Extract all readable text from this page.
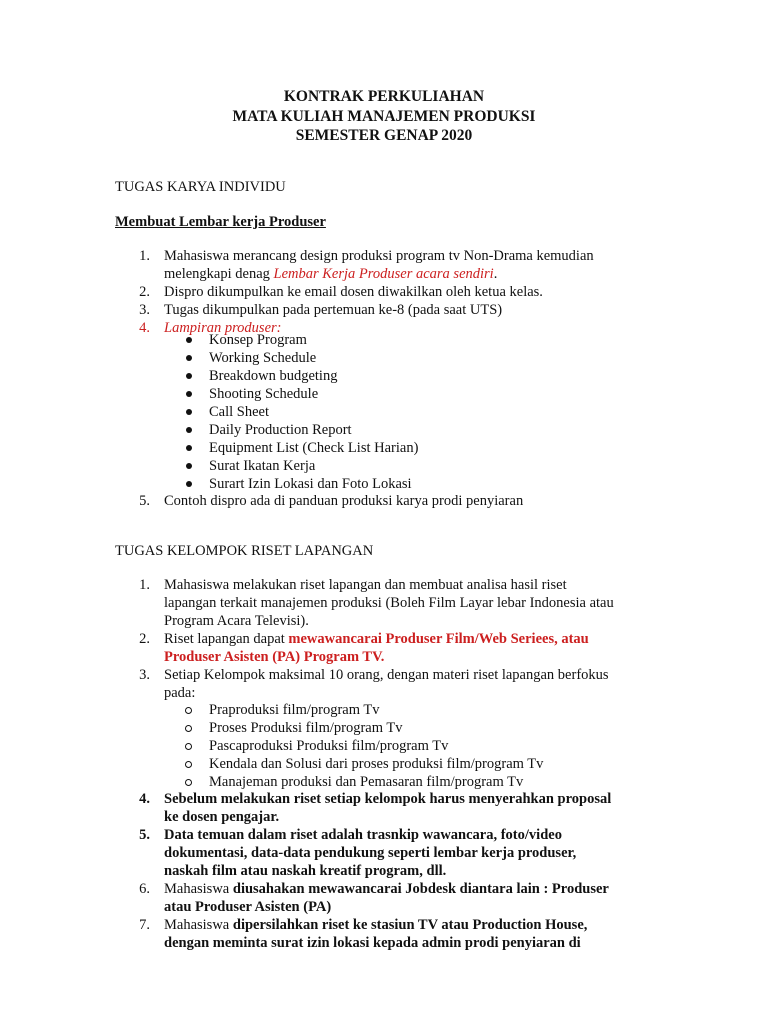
KONTRAK PERKULIAHAN
MATA KULIAH MANAJEMEN PRODUKSI
SEMESTER GENAP 2020
TUGAS KARYA INDIVIDU
Membuat Lembar kerja Produser
1. Mahasiswa merancang design produksi program tv Non-Drama kemudian
melengkapi denag Lembar Kerja Produser acara sendiri.
2. Dispro dikumpulkan ke email dosen diwakilkan oleh ketua kelas.
3. Tugas dikumpulkan pada pertemuan ke-8 (pada saat UTS)
4. Lampiran produser:
Konsep Program
Working Schedule
Breakdown budgeting
Shooting Schedule
Call Sheet
Daily Production Report
Equipment List (Check List Harian)
Surat Ikatan Kerja
Surart Izin Lokasi dan Foto Lokasi
5. Contoh dispro ada di panduan produksi karya prodi penyiaran
TUGAS KELOMPOK RISET LAPANGAN
1. Mahasiswa melakukan riset lapangan dan membuat analisa hasil riset
lapangan terkait manajemen produksi (Boleh Film Layar lebar Indonesia atau
Program Acara Televisi).
2. Riset lapangan dapat mewawancarai Produser Film/Web Seriees, atau
Produser Asisten (PA) Program TV.
3. Setiap Kelompok maksimal 10 orang, dengan materi riset lapangan berfokus
pada:
Praproduksi film/program Tv
Proses Produksi film/program Tv
Pascaproduksi Produksi film/program Tv
Kendala dan Solusi dari proses produksi film/program Tv
Manajeman produksi dan Pemasaran film/program Tv
4. Sebelum melakukan riset setiap kelompok harus menyerahkan proposal
ke dosen pengajar.
5. Data temuan dalam riset adalah trasnkip wawancara, foto/video
dokumentasi, data-data pendukung seperti lembar kerja produser,
naskah film atau naskah kreatif program, dll.
6. Mahasiswa diusahakan mewawancarai Jobdesk diantara lain : Produser
atau Produser Asisten (PA)
7. Mahasiswa dipersilahkan riset ke stasiun TV atau Production House,
dengan meminta surat izin lokasi kepada admin prodi penyiaran di
